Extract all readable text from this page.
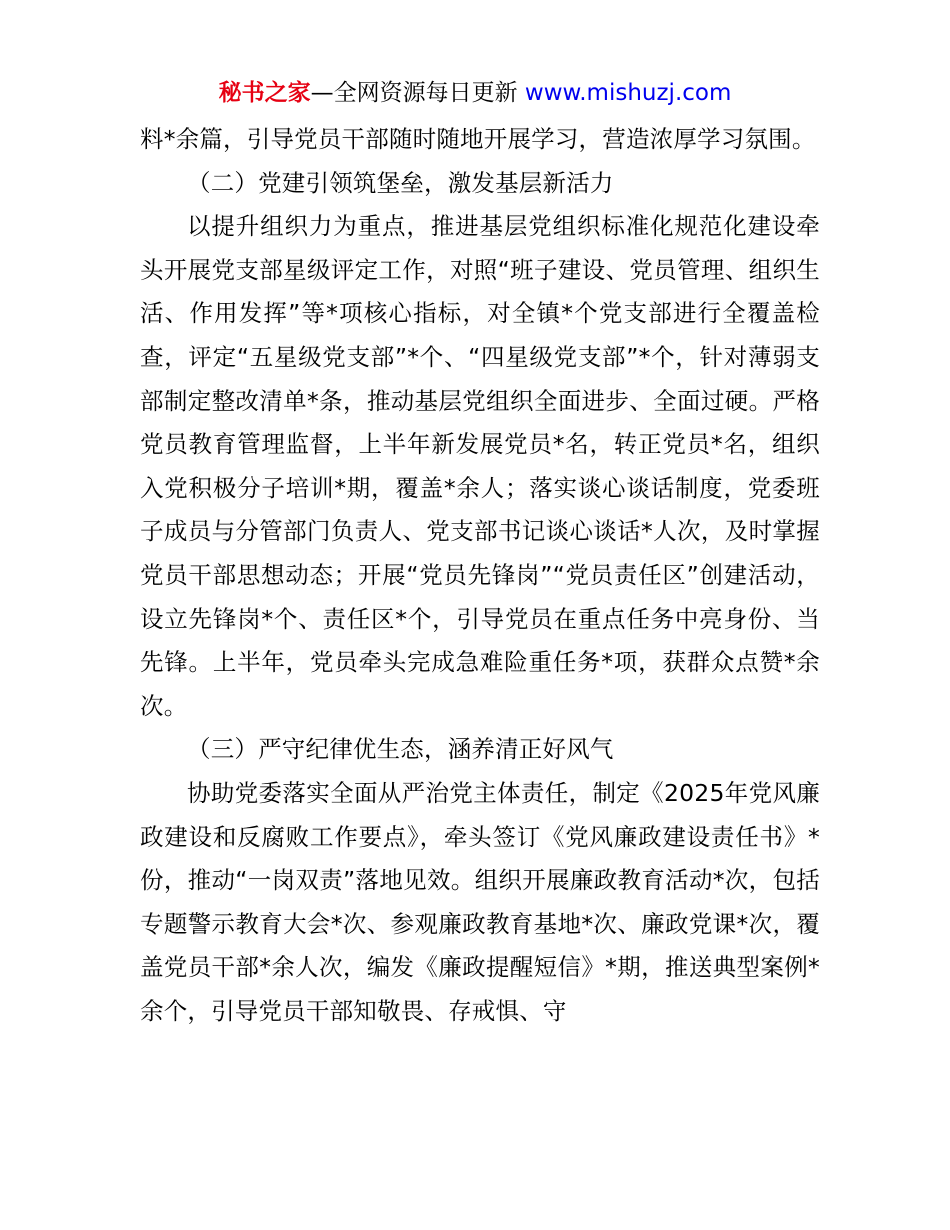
秘书之家—全网资源每日更新 www.mishuzj.com

料*余篇，引导党员干部随时随地开展学习，营造浓厚学习氛围。

（二）党建引领筑堡垒，激发基层新活力

以提升组织力为重点，推进基层党组织标准化规范化建设牵头开展党支部星级评定工作，对照“班子建设、党员管理、组织生活、作用发挥”等*项核心指标，对全镇*个党支部进行全覆盖检查，评定“五星级党支部”*个、“四星级党支部”*个，针对薄弱支部制定整改清单*条，推动基层党组织全面进步、全面过硬。严格党员教育管理监督，上半年新发展党员*名，转正党员*名，组织入党积极分子培训*期，覆盖*余人；落实谈心谈话制度，党委班子成员与分管部门负责人、党支部书记谈心谈话*人次，及时掌握党员干部思想动态；开展“党员先锋岗”“党员责任区”创建活动，设立先锋岗*个、责任区*个，引导党员在重点任务中亮身份、当先锋。上半年，党员牵头完成急难险重任务*项，获群众点赞*余次。

（三）严守纪律优生态，涵养清正好风气

协助党委落实全面从严治党主体责任，制定《2025年党风廉政建设和反腐败工作要点》，牵头签订《党风廉政建设责任书》*份，推动“一岗双责”落地见效。组织开展廉政教育活动*次，包括专题警示教育大会*次、参观廉政教育基地*次、廉政党课*次，覆盖党员干部*余人次，编发《廉政提醒短信》*期，推送典型案例*余个，引导党员干部知敬畏、存戒惧、守
